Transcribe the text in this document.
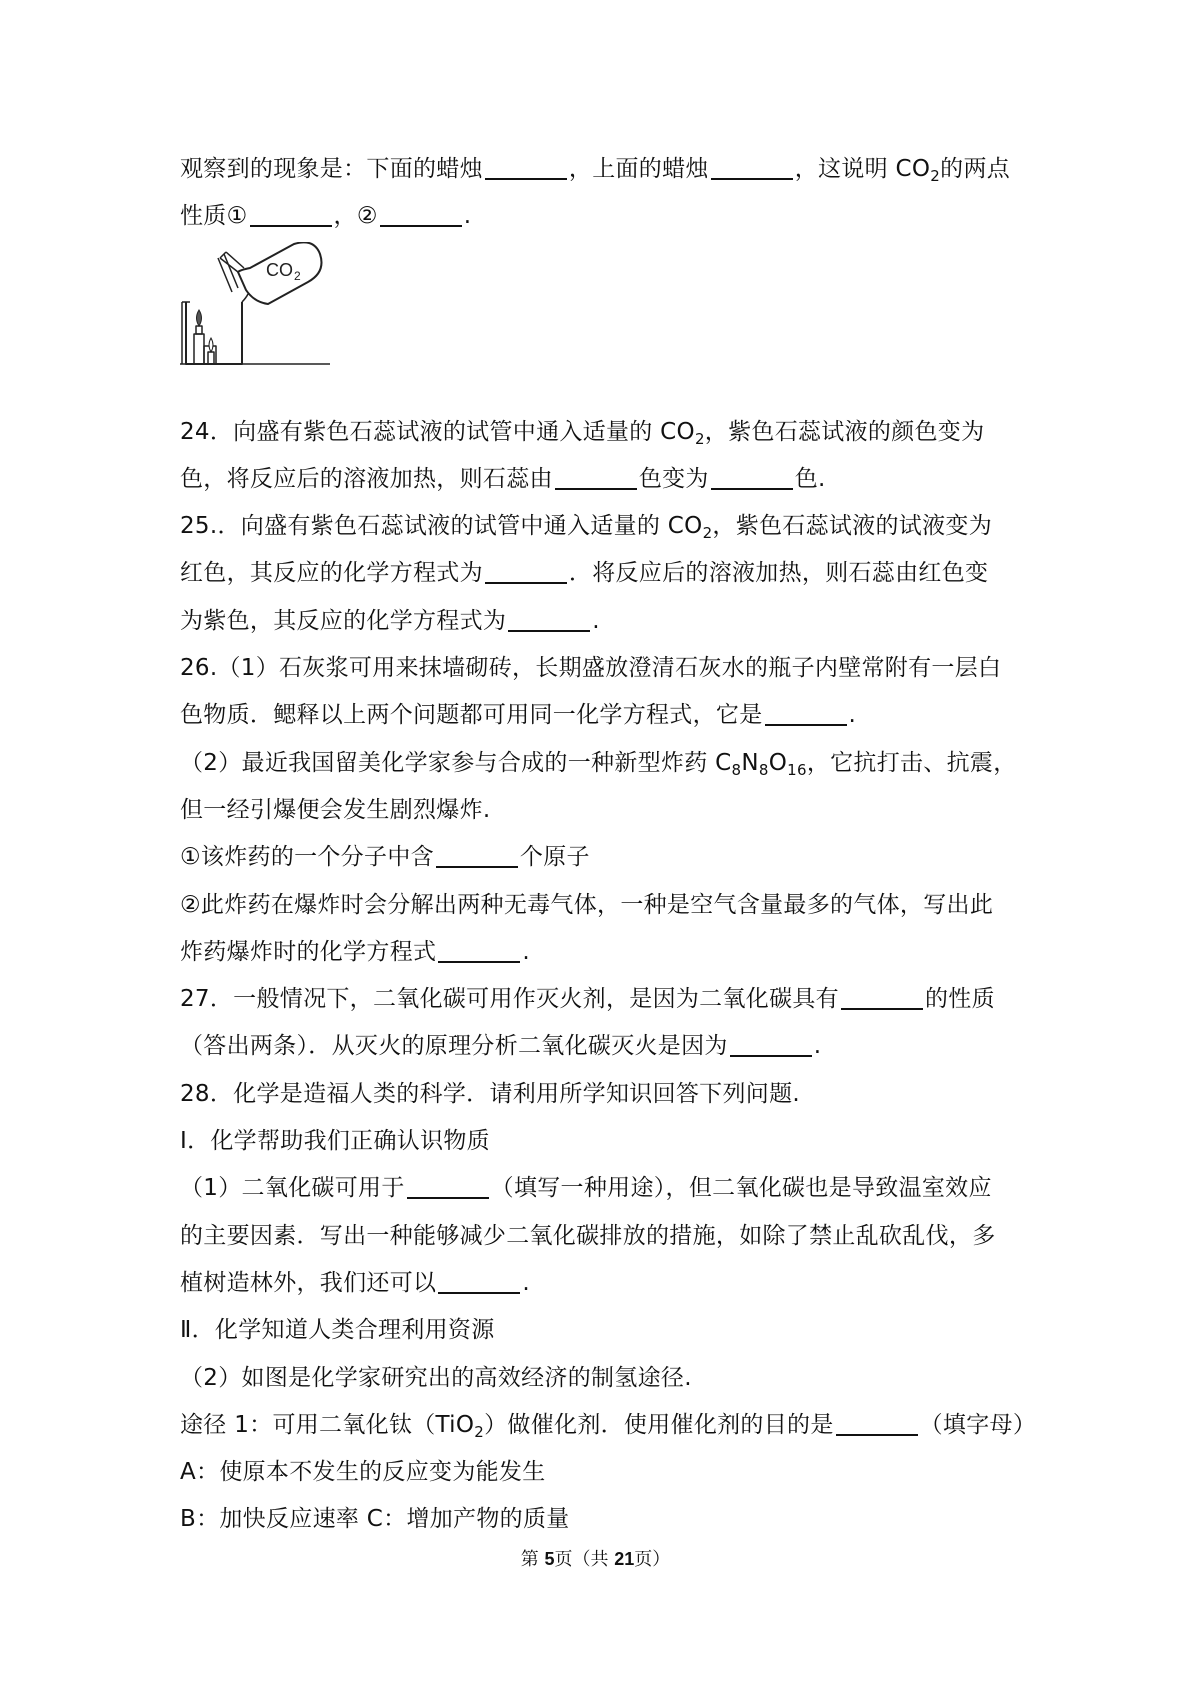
观察到的现象是：下面的蜡烛	，上面的蜡烛	，这说明 $CO_2$的两点

性质①	，②	.

24．向盛有紫色石蕊试液的试管中通入适量的 $CO_2$，紫色石蕊试液的颜色变为

色，将反应后的溶液加热，则石蕊由	色变为	色.

25.．向盛有紫色石蕊试液的试管中通入适量的 $CO_2$，紫色石蕊试液的试液变为

红色，其反应的化学方程式为	．将反应后的溶液加热，则石蕊由红色变

为紫色，其反应的化学方程式为	.

26.（1）石灰浆可用来抹墙砌砖，长期盛放澄清石灰水的瓶子内壁常附有一层白

色物质．鳃释以上两个问题都可用同一化学方程式，它是	.

（2）最近我国留美化学家参与合成的一种新型炸药 $C_8N_8O_{16}$，它抗打击、抗震，

但一经引爆便会发生剧烈爆炸.

①该炸药的一个分子中含	个原子

②此炸药在爆炸时会分解出两种无毒气体，一种是空气含量最多的气体，写出此

炸药爆炸时的化学方程式	.

27．一般情况下，二氧化碳可用作灭火剂，是因为二氧化碳具有	的性质

（答出两条）．从灭火的原理分析二氧化碳灭火是因为	.

28．化学是造福人类的科学．请利用所学知识回答下列问题.

Ⅰ．化学帮助我们正确认识物质

（1）二氧化碳可用于	（填写一种用途），但二氧化碳也是导致温室效应

的主要因素．写出一种能够减少二氧化碳排放的措施，如除了禁止乱砍乱伐，多

植树造林外，我们还可以	.

Ⅱ．化学知道人类合理利用资源

（2）如图是化学家研究出的高效经济的制氢途径.

途径 1：可用二氧化钛（TiO$_2$）做催化剂．使用催化剂的目的是	（填字母）

A：使原本不发生的反应变为能发生

B：加快反应速率 C：增加产物的质量

CO 2
第 5页（共 21页）
